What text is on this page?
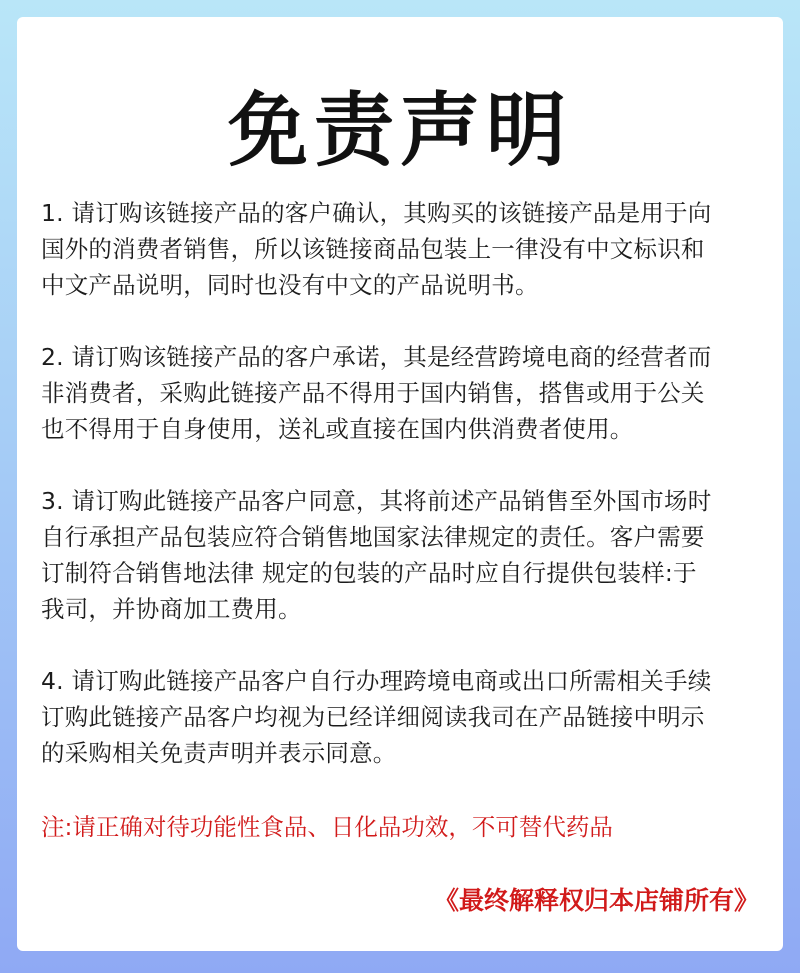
免责声明

1. 请订购该链接产品的客户确认，其购买的该链接产品是用于向
国外的消费者销售，所以该链接商品包装上一律没有中文标识和
中文产品说明，同时也没有中文的产品说明书。

2. 请订购该链接产品的客户承诺，其是经营跨境电商的经营者而
非消费者，采购此链接产品不得用于国内销售，搭售或用于公关
也不得用于自身使用，送礼或直接在国内供消费者使用。

3. 请订购此链接产品客户同意，其将前述产品销售至外国市场时
自行承担产品包装应符合销售地国家法律规定的责任。客户需要
订制符合销售地法律 规定的包装的产品时应自行提供包装样:于
我司，并协商加工费用。

4. 请订购此链接产品客户自行办理跨境电商或出口所需相关手续
订购此链接产品客户均视为已经详细阅读我司在产品链接中明示
的采购相关免责声明并表示同意。

注:请正确对待功能性食品、日化品功效，不可替代药品

《最终解释权归本店铺所有》
